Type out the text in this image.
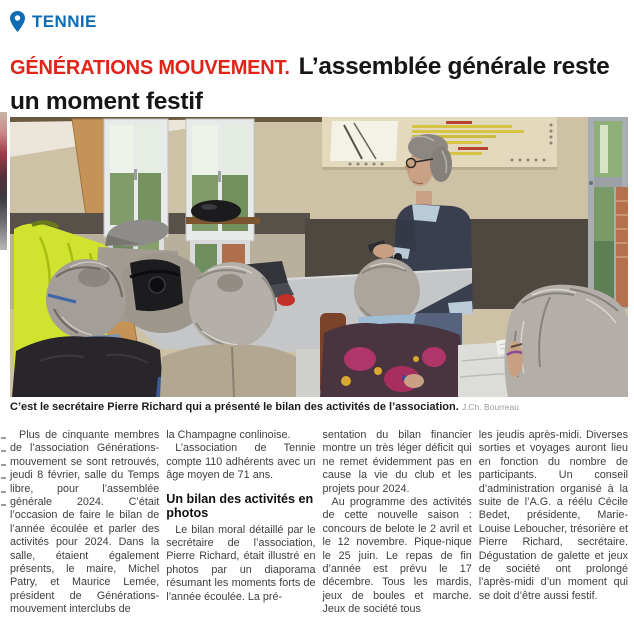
TENNIE
GÉNÉRATIONS MOUVEMENT. L’assemblée générale reste un moment festif
C’est le secrétaire Pierre Richard qui a présenté le bilan des activités de l’association. J.Ch. Bourreau

Plus de cinquante membres de l’association Générations-mouvement se sont retrouvés, jeudi 8 février, salle du Temps libre, pour l’assemblée générale 2024. C’était l’occasion de faire le bilan de l’année écoulée et parler des activités pour 2024. Dans la salle, étaient également présents, le maire, Michel Patry, et Maurice Lemée, président de Générations-mouvement interclubs de

la Champagne conlinoise.

L’association de Tennie compte 110 adhérents avec un âge moyen de 71 ans.

Un bilan des activités en photos

Le bilan moral détaillé par le secrétaire de l’association, Pierre Richard, était illustré en photos par un diaporama résumant les moments forts de l’année écoulée. La pré-

sentation du bilan financier montre un très léger déficit qui ne remet évidemment pas en cause la vie du club et les projets pour 2024.

Au programme des activités de cette nouvelle saison : concours de belote le 2 avril et le 12 novembre. Pique-nique le 25 juin. Le repas de fin d’année est prévu le 17 décembre. Tous les mardis, jeux de boules et marche. Jeux de société tous

les jeudis après-midi. Diverses sorties et voyages auront lieu en fonction du nombre de participants. Un conseil d’administration organisé à la suite de l’A.G. a réélu Cécile Bedet, présidente, Marie-Louise Leboucher, trésorière et Pierre Richard, secrétaire. Dégustation de galette et jeux de société ont prolongé l’après-midi d’un moment qui se doit d’être aussi festif.
